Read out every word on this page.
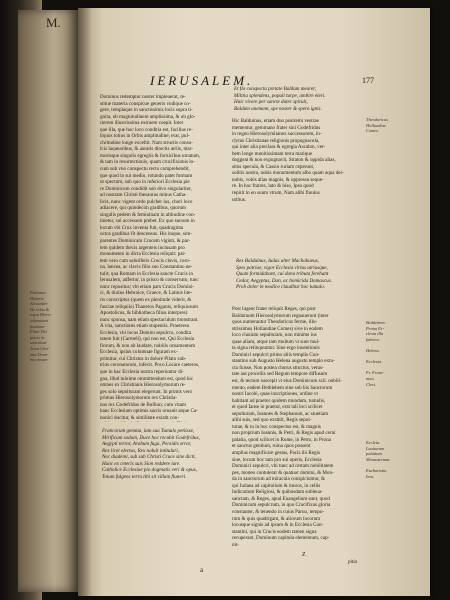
M.
Ptolomai
Historie
Alexander
De vrbis &
regni Hiero-
solymitani
fundator
Piloti Dei
patris in
sanctitate
Jesus Chri-
stus Domi-
nus noster
IERUSALEM.	177
Dominus redemptor noster impleuerat, re-
stitue materia conspicue generis vndique co-
gere, templaque in sanctissimis locis supra ti-
gnita, ob magnitudinem amplissima, & ob glo-
rierem illustrissima extruere coepit. Inter
que illa, que hoc loco conditia est, facilius re-
liquos totius in Orbis amplitudine; erat, pul-
chritudine longe excellit. Nam structis consu-
lcis laquearibus, & auratis directis atriis, mar-
morisque singulis egregiis & fornicibus ornatum,
& tam in resurrectionis, quam crucifixionis lo-
cum sub vno conspectu recto comprehendit,
que quod in sui medio, rotundo patet formam
ut spectum, sub quo in inferiori Ecclesia pie
re Dominicum condidit sub divo singulariter,
ad nostram Christi thesaurus minus Catha-
licis, nunc vigent ordo pulcher ius, chori loco
adiacere, qui quindecim gradibus, quorum
singulis pedem & femiulnam in altitudine con-
tinetur, sui accessum prebet. Ex quo sursum in
locum vbi Crux inventa fuit, quadraginta
octos gradibus fit descensus. His itaque, sim-
parentes Dominicam Crucem viginti, & par-
tem quidem thecis argenteis inclusam pro
monumento in dicta Ecclesia reliquit: par-
tem vero cum salutiferis Crucis clavis, coro-
na, lancea, ac clavis filio suo Constantino ne-
tulit; qua Romam in Ecclesia sancte Crucis in
Ierusalem, adfertur, in prisco & conservato, tunc
nunc repositus; vbi etiam pars Crucis Domini-
ci, & titulus Hebraice, Graece, & Latinis lite-
ris conscriptus (quem ex plenitude viderit, &
fasciae reliquiis) Thaneros Paganis, reliquiosum
Apostolicus, & bibliotheca filius interpres)
nunc sponsa, nam etiam spectaculum monstrant.
A vita, sanctiores etiam stupentia. Praeterea
Ecclesia, vbi locus Domini sepulcro, condita
tatem fuit (Carmeli), qui non est, Qui Ecclesia
fiorum, & non ab laudare, nobilis ornamentum
Ecclesia, ipsius columnae figuram ex-
primitur, cui Christus in dolore Pilato sub-
trius coronatorum, infecit. Poco Locare caeteros,
que in hac Ecclesia nostra reperiuntur di-
gna, illud minime ommittendum est, quod hic
omnes ex Christianis Hierosolymorum re-
ges solo sepulturam elegerunt. In primis vero
primus Hierosolymorum rex Christia-
nus rex Godefridus de Bullion; cum vitam
hanc Ecclesiam optimis sacris ornauit atque Ca-
nonici ducitur, & similitate existit con-

Francorum gemma, iam sua Tumulo petiisse,
Mirificum sodam, Duce hoc recubit Godefridus,
Aegypti terror, Arabum fuga, Persidis error,
Rex licet electus, Rex noluit intitulari,
Nec diademi, sub sub Christi Cruce sine dicti,
Hunc ex ceteris suis Sion reddere iure.
Catholice Ecclesiae pio dogmatis veri & opus,
Totum fulgens terra tibi sit villam fluneri.
Et flo conspectu pretate Baldum mearer,
Militia splendens, populi turpe, ambire eleri.
Huic vivere per sancte dater spiruit,
Baldum anemam, spe noster & spero ignis.
Hic Balduinus, etiam duo postremi vestrae
mementur, gemmano frater sini Godefridus
in regno Hierosolymitanos successorem, in-
clytus Christianae religionis propugnacula,
qui inter alia preclara & egregia Ascalon, ver-
bem longe munitissimam terra marique
doggeat & non expugnavit, Straton & oppida alias,
situs specula, & Cassio ruriam ceperunt,
solitis nostra, nobis monumentum albo quam aqua dei-
nubis, vobis alias magnis, & oppressu seque-
re. In hoc fratres, lato & hiso, Ipso quod
repirit in eo suum vtrum, Nam alibi fluuius
utilius.
Rex Balduinus, Iudas alter Machabaeus,
Spes patriae, vigor Ecclesia virtus utriusque,
Quam formidabant, cui dona tributa ferebant
Cedar, Aegyptus, Dan, ac homicida Damascus.
Proh dolor in modico clauditur hoc tumulo.
Post lugent frater reliquit Reges, qui post
Balduinum Hierosolymorum regnauerunt (inter
quos numerantur Theodoricus ferme, illu-
strissimus Hollandiae Comes) sive in eodem
loco clauium sepulturam, non minime ius
quae aliam, atque tam multum vt sunt mul-
ta signa relinquuntur. Sine ergo inuentionis
Dominici sepulcri primo aliis templis Con-
stantino sub Augusto Helena augusto templo extu-
cta fuisse, Non postea chorus structus, vetus-
tate aut procellis sed Regum tempore diffusum
est, & tectum suscepit vt eius Dominicum scil. nobili-
mento, eadem Bethlehem sine sub his Sanctorum
nostri Iacobi, quae inscriptiones, ordine vt
habitant ad praetor quidem mundum, tumulis,
et quod Ianse in praetor, erat tali loci scilicet
sepulturam, Ioannes & Stephanum, ac stuetiam
alibi suis, sed quo exstitit, Regis sepul-
turae, & tu in hoc conspectus est, & magnis
non proprium Ioannis, & Petri, & Regis apud cerni
palatia, quod scilicet in Rome, in Petro, in Prona
et sanctus gentium, ruina quos possent
amplias magnificare gestas, Pacis ibi Regis
siue, locum hoc tam pro sui operis, Ecclesia
Dominici sepulcri, vbi tunc ad certam nobilitatem
pes, moneo contulerat & quatuor domini, & Mon-
da in sanctorum ad miracula conspiciuntur, &
qui Iudaea ad capitolium & muros, in cellis
Iudicarium Religiosi, & quibusdam subleua-
sanctam, & Reges, apud Euangelium sunt, quod
Dominicum sepulcrum, in quo Crucifixus gloria
constanter, & tenendo in cuius Paruo, tempo-
rum & quis quadrigam, & aliorum locorum
locusque signis ad ipsum & in Ecclesia Con-
stantini, qui in Crucis eodem tamen signa
recuperant, Dominum capitula elementum, cap-
nit-
Theodoricus
Hollandiae
Comes.
Bethlehem.
Prima Ec-
clesia illa
fabrica.

Helena.

Ecclesia.

Fr. Franc-
mon.
Cleri.
Eccleia.
Leuitorum
palatium.
Monasterium.

Eucharistia
Ieru.
a
Z
pitia
